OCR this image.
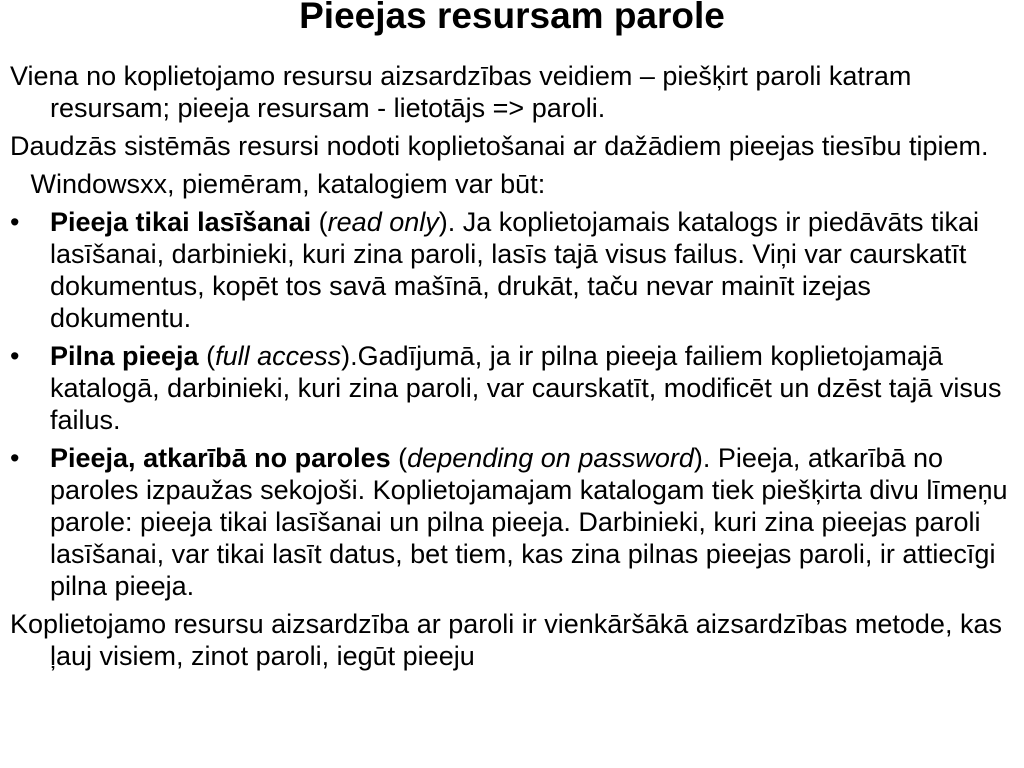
Pieejas resursam parole

Viena no koplietojamo resursu aizsardzības veidiem – piešķirt paroli katram resursam; pieeja resursam - lietotājs => paroli.

Daudzās sistēmās resursi nodoti koplietošanai ar dažādiem pieejas tiesību tipiem.

Windowsxx, piemēram, katalogiem var būt:

•	Pieeja tikai lasīšanai (read only). Ja koplietojamais katalogs ir piedāvāts tikai lasīšanai, darbinieki, kuri zina paroli, lasīs tajā visus failus. Viņi var caurskatīt dokumentus, kopēt tos savā mašīnā, drukāt, taču nevar mainīt izejas dokumentu.
•	Pilna pieeja (full access).Gadījumā, ja ir pilna pieeja failiem koplietojamajā katalogā, darbinieki, kuri zina paroli, var caurskatīt, modificēt un dzēst tajā visus failus.
•	Pieeja, atkarībā no paroles (depending on password). Pieeja, atkarībā no paroles izpaužas sekojoši. Koplietojamajam katalogam tiek piešķirta divu līmeņu parole: pieeja tikai lasīšanai un pilna pieeja. Darbinieki, kuri zina pieejas paroli lasīšanai, var tikai lasīt datus, bet tiem, kas zina pilnas pieejas paroli, ir attiecīgi pilna pieeja.

Koplietojamo resursu aizsardzība ar paroli ir vienkāršākā aizsardzības metode, kas ļauj visiem, zinot paroli, iegūt pieeju
